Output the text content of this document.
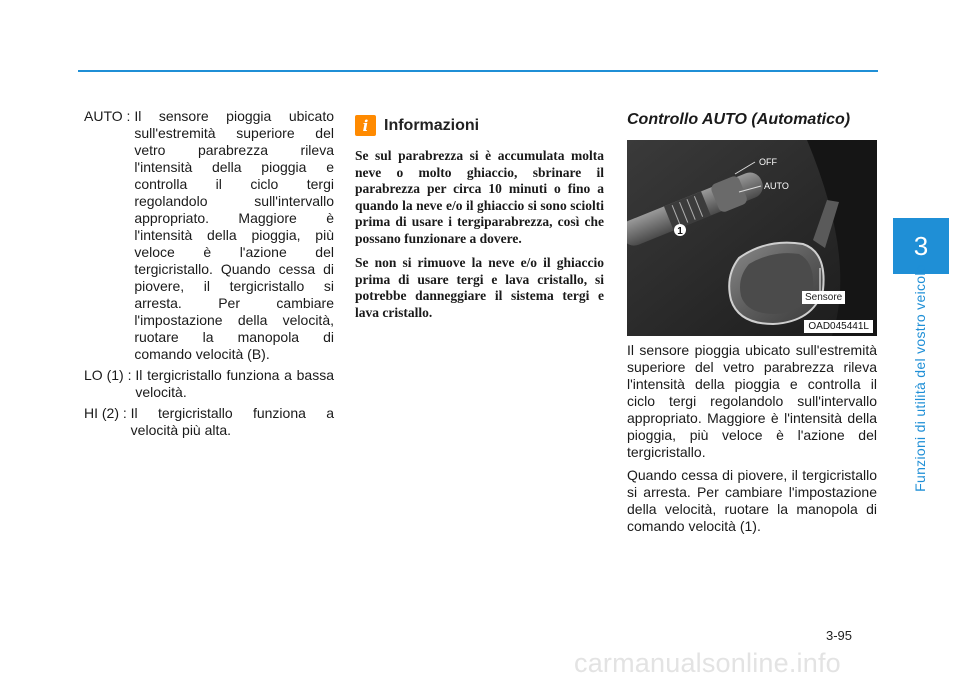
3
Funzioni di utilità del vostro veicolo
AUTO : Il sensore pioggia ubicato sull'estremità superiore del vetro parabrezza rileva l'intensità della pioggia e controlla il ciclo tergi regolandolo sull'intervallo appropriato. Maggiore è l'intensità della pioggia, più veloce è l'azione del tergicristallo. Quando cessa di piovere, il tergicristallo si arresta. Per cambiare l'impostazione della velocità, ruotare la manopola di comando velocità (B).
LO (1) : Il tergicristallo funziona a bassa velocità.
HI (2) : Il tergicristallo funziona a velocità più alta.
i Informazioni

Se sul parabrezza si è accumulata molta neve o molto ghiaccio, sbrinare il parabrezza per circa 10 minuti o fino a quando la neve e/o il ghiaccio si sono sciolti prima di usare i tergiparabrezza, così che possano funzionare a dovere.

Se non si rimuove la neve e/o il ghiaccio prima di usare tergi e lava cristallo, si potrebbe danneggiare il sistema tergi e lava cristallo.

Controllo AUTO (Automatico)
1
OFF
AUTO
Sensore
OAD045441L

Il sensore pioggia ubicato sull'estremità superiore del vetro parabrezza rileva l'intensità della pioggia e controlla il ciclo tergi regolandolo sull'intervallo appropriato. Maggiore è l'intensità della pioggia, più veloce è l'azione del tergicristallo.

Quando cessa di piovere, il tergicristallo si arresta. Per cambiare l'impostazione della velocità, ruotare la manopola di comando velocità (1).

3-95
carmanualsonline.info
